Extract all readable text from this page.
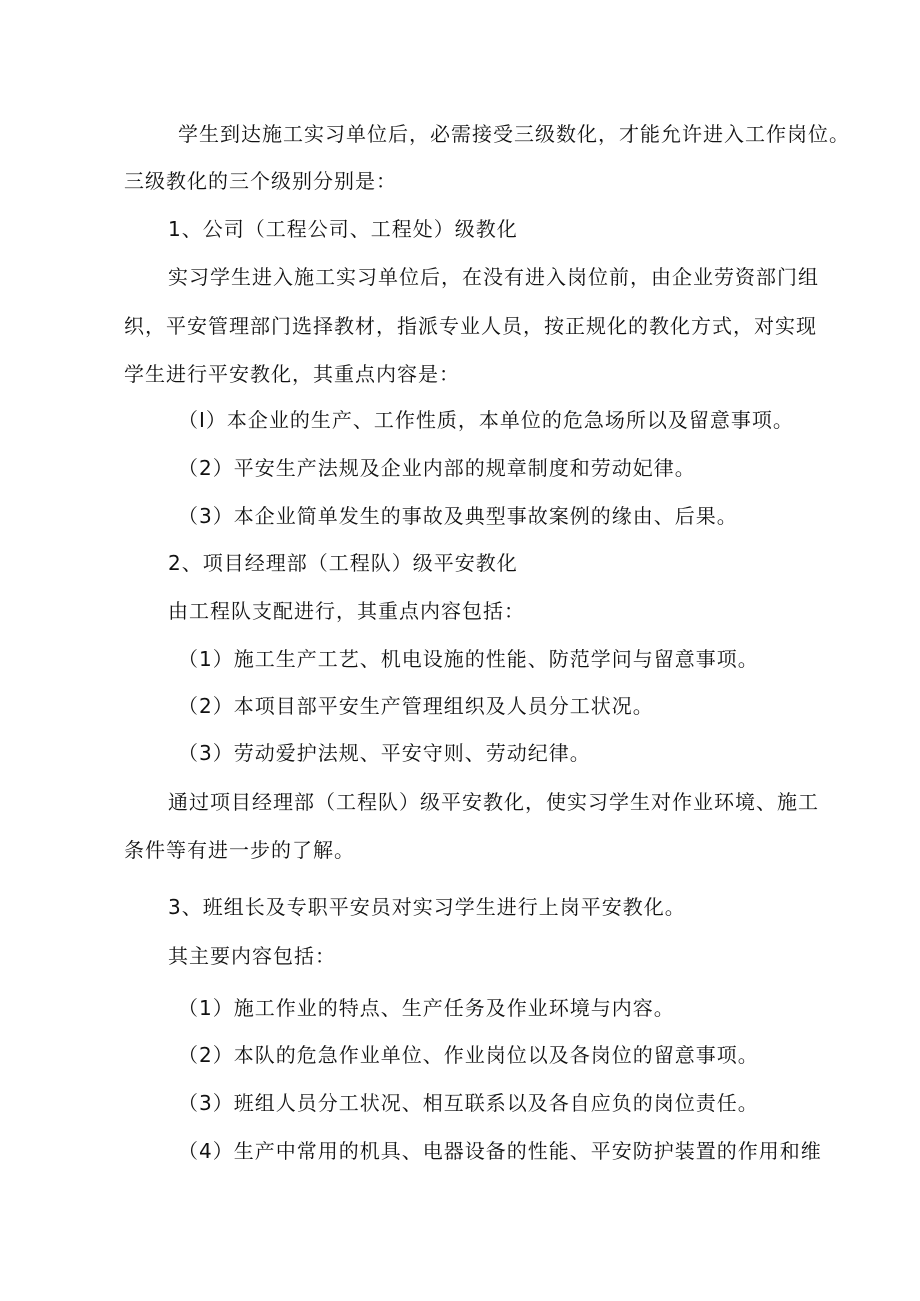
学生到达施工实习单位后，必需接受三级数化，才能允许进入工作岗位。
三级教化的三个级别分别是：
1、公司（工程公司、工程处）级教化
实习学生进入施工实习单位后，在没有进入岗位前，由企业劳资部门组
织，平安管理部门选择教材，指派专业人员，按正规化的教化方式，对实现
学生进行平安教化，其重点内容是：
（I）本企业的生产、工作性质，本单位的危急场所以及留意事项。
（2）平安生产法规及企业内部的规章制度和劳动妃律。
（3）本企业简单发生的事故及典型事故案例的缘由、后果。
2、项目经理部（工程队）级平安教化
由工程队支配进行，其重点内容包括：
（1）施工生产工艺、机电设施的性能、防范学问与留意事项。
（2）本项目部平安生产管理组织及人员分工状况。
（3）劳动爱护法规、平安守则、劳动纪律。
通过项目经理部（工程队）级平安教化，使实习学生对作业环境、施工
条件等有进一步的了解。
3、班组长及专职平安员对实习学生进行上岗平安教化。
其主要内容包括：
（1）施工作业的特点、生产任务及作业环境与内容。
（2）本队的危急作业单位、作业岗位以及各岗位的留意事项。
（3）班组人员分工状况、相互联系以及各自应负的岗位责任。
（4）生产中常用的机具、电器设备的性能、平安防护装置的作用和维
